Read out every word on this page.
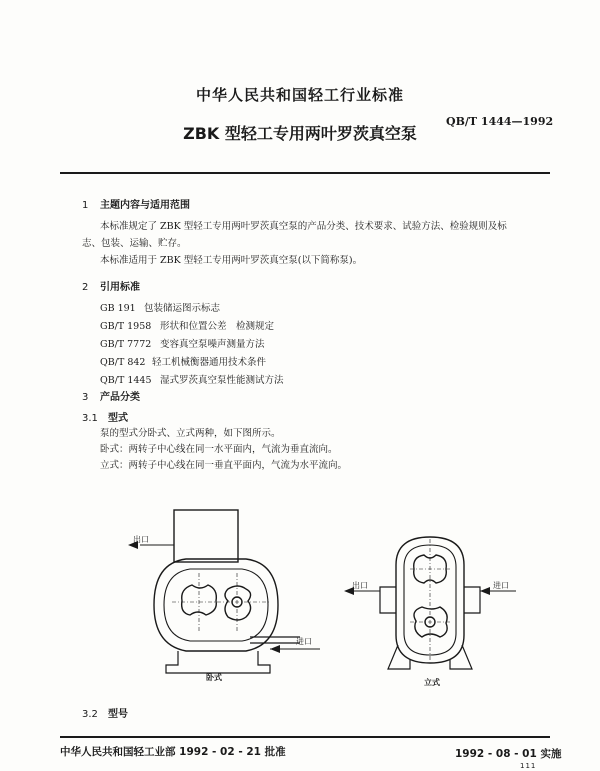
中华人民共和国轻工行业标准
QB/T 1444—1992
ZBK 型轻工专用两叶罗茨真空泵
1 主题内容与适用范围
本标准规定了 ZBK 型轻工专用两叶罗茨真空泵的产品分类、技术要求、试验方法、检验规则及标
志、包装、运输、贮存。
本标准适用于 ZBK 型轻工专用两叶罗茨真空泵(以下简称泵)。
2 引用标准
GB 191 包装储运图示标志
GB/T 1958 形状和位置公差　检测规定
GB/T 7772 变容真空泵噪声测量方法
QB/T 842 轻工机械衡器通用技术条件
QB/T 1445 湿式罗茨真空泵性能测试方法
3 产品分类
3.1 型式
泵的型式分卧式、立式两种，如下图所示。
卧式：两转子中心线在同一水平面内，气流为垂直流向。
立式：两转子中心线在同一垂直平面内，气流为水平流向。
出口
进口
卧式
出口	进口
立式
3.2 型号
中华人民共和国轻工业部 1992 - 02 - 21 批准	1992 - 08 - 01 实施
111
